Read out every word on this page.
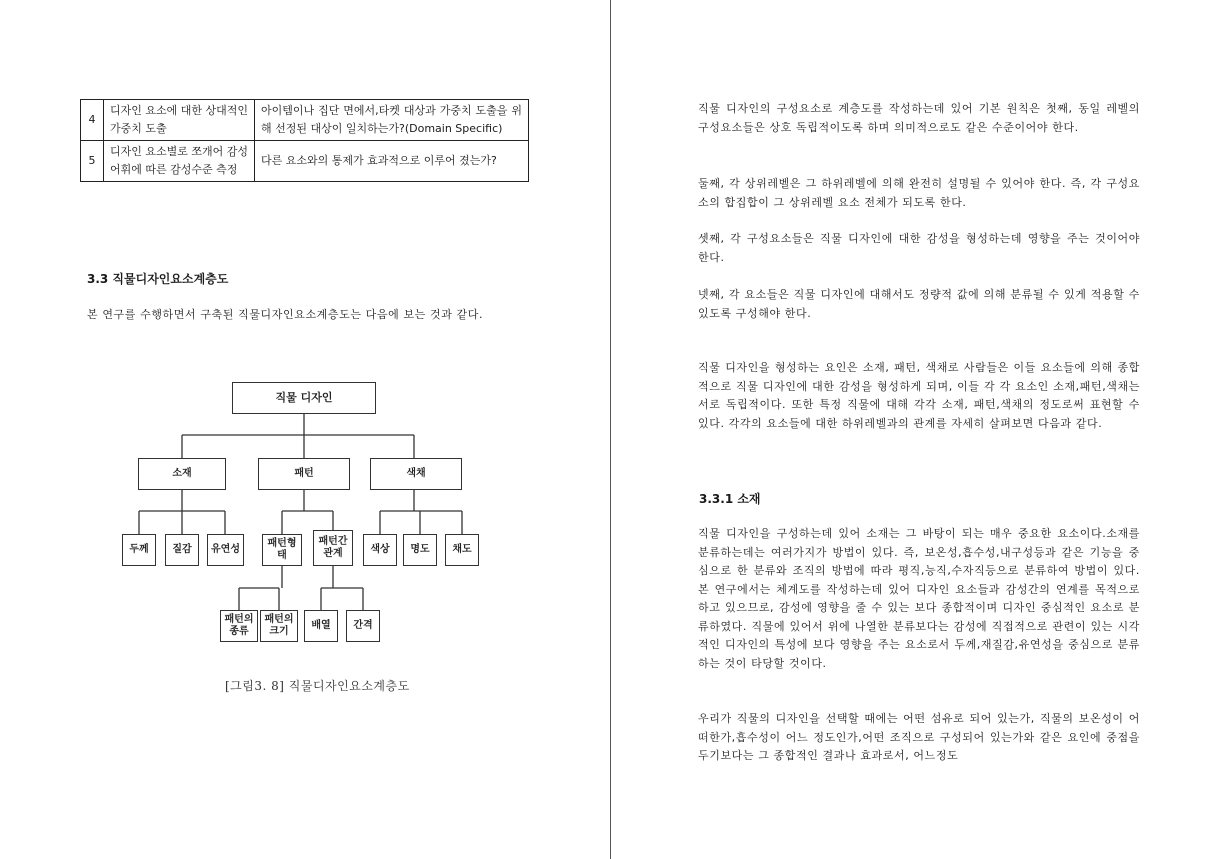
4	디자인 요소에 대한 상대적인 가중치 도출	아이템이나 집단 면에서,타켓 대상과 가중치 도출을 위해 선정된 대상이 일치하는가?(Domain Specific)
5	디자인 요소별로 쪼개어 감성어휘에 따른 감성수준 측정	다른 요소와의 통제가 효과적으로 이루어 졌는가?
3.3 직물디자인요소계층도

본 연구를 수행하면서 구축된 직물디자인요소계층도는 다음에 보는 것과 같다.

직물 디자인
소재	패턴	색채
두께	질감	유연성
패턴형태
패턴간 관계	색상	명도	채도
패턴의 종류
패턴의 크기
배열	간격
[그림3. 8] 직물디자인요소계층도

직물 디자인의 구성요소로 계층도를 작성하는데 있어 기본 원칙은 첫째, 동일 레벨의 구성요소들은 상호 독립적이도록 하며 의미적으로도 같은 수준이어야 한다.

둘째, 각 상위레벨은 그 하위레벨에 의해 완전히 설명될 수 있어야 한다. 즉, 각 구성요소의 합집합이 그 상위레벨 요소 전체가 되도록 한다.

셋째, 각 구성요소들은 직물 디자인에 대한 감성을 형성하는데 영향을 주는 것이어야 한다.

넷째, 각 요소들은 직물 디자인에 대해서도 정량적 값에 의해 분류될 수 있게 적용할 수 있도록 구성해야 한다.

직물 디자인을 형성하는 요인은 소재, 패턴, 색채로 사람들은 이들 요소들에 의해 종합적으로 직물 디자인에 대한 감성을 형성하게 되며, 이들 각 각 요소인 소재,패턴,색채는 서로 독립적이다. 또한 특정 직물에 대해 각각 소재, 패턴,색채의 정도로써 표현할 수 있다. 각각의 요소들에 대한 하위레벨과의 관계를 자세히 살펴보면 다음과 같다.

3.3.1 소재

직물 디자인을 구성하는데 있어 소재는 그 바탕이 되는 매우 중요한 요소이다.소재를 분류하는데는 여러가지가 방법이 있다. 즉, 보온성,흡수성,내구성등과 같은 기능을 중심으로 한 분류와 조직의 방법에 따라 평직,능직,수자직등으로 분류하여 방법이 있다. 본 연구에서는 체계도를 작성하는데 있어 디자인 요소들과 감성간의 연계를 목적으로 하고 있으므로, 감성에 영향을 줄 수 있는 보다 종합적이며 디자인 중심적인 요소로 분류하였다. 직물에 있어서 위에 나열한 분류보다는 감성에 직접적으로 관련이 있는 시각적인 디자인의 특성에 보다 영향을 주는 요소로서 두께,재질감,유연성을 중심으로 분류하는 것이 타당할 것이다.

우리가 직물의 디자인을 선택할 때에는 어떤 섬유로 되어 있는가, 직물의 보온성이 어떠한가,흡수성이 어느 정도인가,어떤 조직으로 구성되어 있는가와 같은 요인에 중점을 두기보다는 그 종합적인 결과나 효과로서, 어느정도
